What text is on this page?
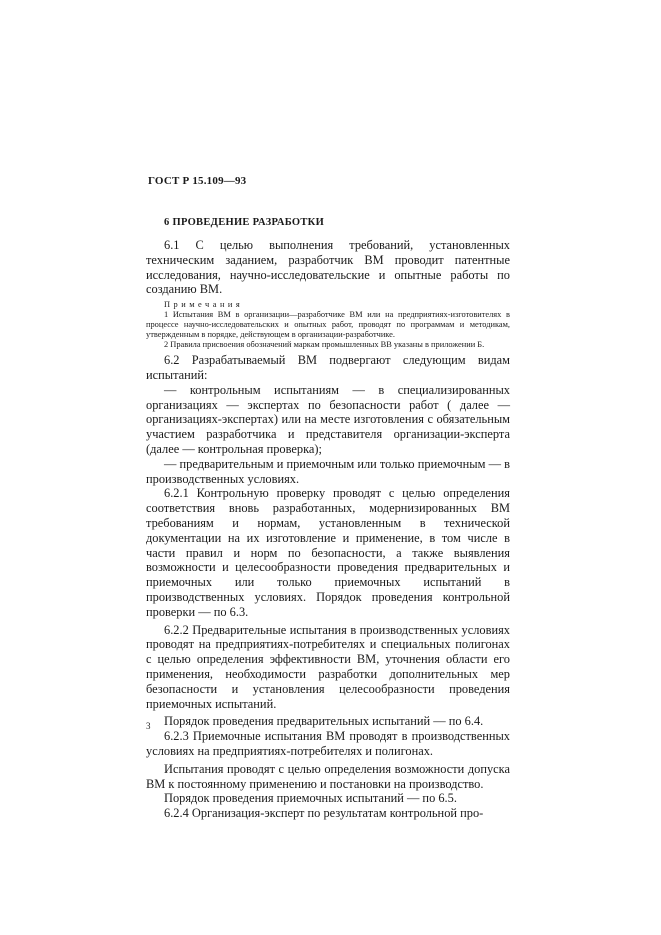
ГОСТ Р 15.109—93
6 ПРОВЕДЕНИЕ РАЗРАБОТКИ

6.1 С целью выполнения требований, установленных техническим заданием, разработчик ВМ проводит патентные исследования, научно-исследовательские и опытные работы по созданию ВМ.

Примечания

1 Испытания ВМ в организации—разработчике ВМ или на предприятиях-изготовителях в процессе научно-исследовательских и опытных работ, проводят по программам и методикам, утвержденным в порядке, действующем в организации-разработчике.

2 Правила присвоения обозначений маркам промышленных ВВ указаны в приложении Б.

6.2 Разрабатываемый ВМ подвергают следующим видам испытаний:

— контрольным испытаниям — в специализированных организациях — экспертах по безопасности работ ( далее — организациях-экспертах) или на месте изготовления с обязательным участием разработчика и представителя организации-эксперта (далее — контрольная проверка);

— предварительным и приемочным или только приемочным — в производственных условиях.

6.2.1 Контрольную проверку проводят с целью определения соответствия вновь разработанных, модернизированных ВМ требованиям и нормам, установленным в технической документации на их изготовление и применение, в том числе в части правил и норм по безопасности, а также выявления возможности и целесообразности проведения предварительных и приемочных или только приемочных испытаний в производственных условиях. Порядок проведения контрольной проверки — по 6.3.

6.2.2 Предварительные испытания в производственных условиях проводят на предприятиях-потребителях и специальных полигонах с целью определения эффективности ВМ, уточнения области его применения, необходимости разработки дополнительных мер безопасности и установления целесообразности проведения приемочных испытаний.

Порядок проведения предварительных испытаний — по 6.4.

6.2.3 Приемочные испытания ВМ проводят в производственных условиях на предприятиях-потребителях и полигонах.

Испытания проводят с целью определения возможности допуска ВМ к постоянному применению и постановки на производство.

Порядок проведения приемочных испытаний — по 6.5.

6.2.4 Организация-эксперт по результатам контрольной про-

3
